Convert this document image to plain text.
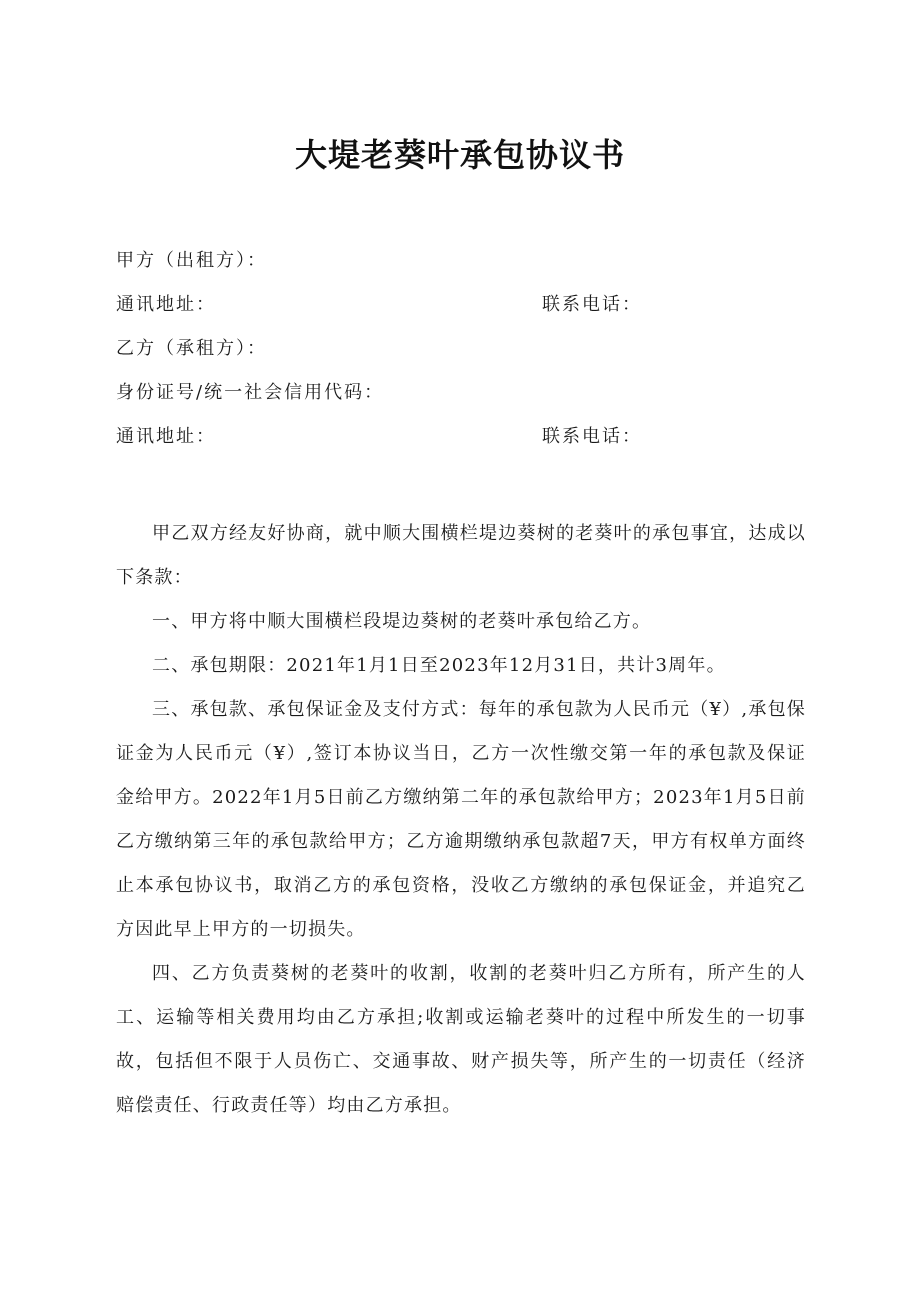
大堤老葵叶承包协议书
甲方（出租方）：
通讯地址：	联系电话：
乙方（承租方）：
身份证号/统一社会信用代码：
通讯地址：	联系电话：

甲乙双方经友好协商，就中顺大围横栏堤边葵树的老葵叶的承包事宜，达成以下条款：

一、甲方将中顺大围横栏段堤边葵树的老葵叶承包给乙方。

二、承包期限：2021年1月1日至2023年12月31日，共计3周年。

三、承包款、承包保证金及支付方式：每年的承包款为人民币元（¥）,承包保证金为人民币元（¥）,签订本协议当日，乙方一次性缴交第一年的承包款及保证金给甲方。2022年1月5日前乙方缴纳第二年的承包款给甲方；2023年1月5日前乙方缴纳第三年的承包款给甲方；乙方逾期缴纳承包款超7天，甲方有权单方面终止本承包协议书，取消乙方的承包资格，没收乙方缴纳的承包保证金，并追究乙方因此早上甲方的一切损失。

四、乙方负责葵树的老葵叶的收割，收割的老葵叶归乙方所有，所产生的人工、运输等相关费用均由乙方承担;收割或运输老葵叶的过程中所发生的一切事故，包括但不限于人员伤亡、交通事故、财产损失等，所产生的一切责任（经济赔偿责任、行政责任等）均由乙方承担。
